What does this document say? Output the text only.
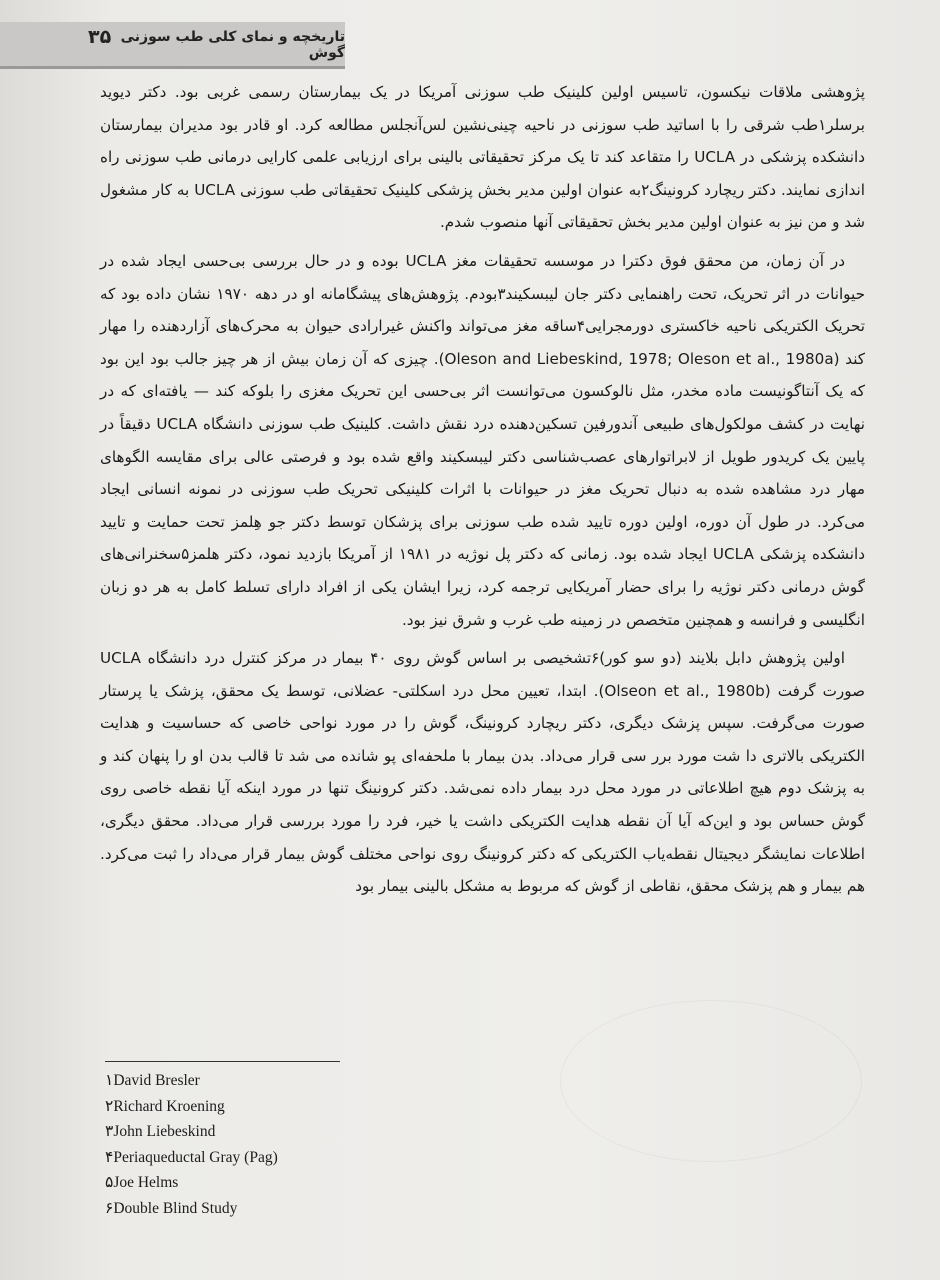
۳۵ تاریخچه و نمای کلی طب سوزنی گوش

پژوهشی ملاقات نیکسون، تاسیس اولین کلینیک طب سوزنی آمریکا در یک بیمارستان رسمی غربی بود. دکتر دیوید برسلر۱طب شرقی را با اساتید طب سوزنی در ناحیه چینی‌نشین لس‌آنجلس مطالعه کرد. او قادر بود مدیران بیمارستان دانشکده پزشکی در UCLA را متقاعد کند تا یک مرکز تحقیقاتی بالینی برای ارزیابی علمی کارایی درمانی طب سوزنی راه اندازی نمایند. دکتر ریچارد کرونینگ۲به عنوان اولین مدیر بخش پزشکی کلینیک تحقیقاتی طب سوزنی UCLA به کار مشغول شد و من نیز به عنوان اولین مدیر بخش تحقیقاتی آنها منصوب شدم.

در آن زمان، من محقق فوق دکترا در موسسه تحقیقات مغز UCLA بوده و در حال بررسی بی‌حسی ایجاد شده در حیوانات در اثر تحریک، تحت راهنمایی دکتر جان لیبسکیند۳بودم. پژوهش‌های پیشگامانه او در دهه ۱۹۷۰ نشان داده بود که تحریک الکتریکی ناحیه خاکستری دورمجرایی۴ساقه مغز می‌تواند واکنش غیرارادی حیوان به محرک‌های آزاردهنده را مهار کند (Oleson and Liebeskind, 1978; Oleson et al., 1980a). چیزی که آن زمان بیش از هر چیز جالب بود این بود که یک آنتاگونیست ماده مخدر، مثل نالوکسون می‌توانست اثر بی‌حسی این تحریک مغزی را بلوکه کند — یافته‌ای که در نهایت در کشف مولکول‌های طبیعی آندورفین تسکین‌دهنده درد نقش داشت. کلینیک طب سوزنی دانشگاه UCLA دقیقاً در پایین یک کریدور طویل از لابراتوارهای عصب‌شناسی دکتر لیبسکیند واقع شده بود و فرصتی عالی برای مقایسه الگوهای مهار درد مشاهده شده به دنبال تحریک مغز در حیوانات با اثرات کلینیکی تحریک طب سوزنی در نمونه انسانی ایجاد می‌کرد. در طول آن دوره، اولین دوره تایید شده طب سوزنی برای پزشکان توسط دکتر جو هِلمز تحت حمایت و تایید دانشکده پزشکی UCLA ایجاد شده بود. زمانی که دکتر پل نوژیه در ۱۹۸۱ از آمریکا بازدید نمود، دکتر هلمز۵سخنرانی‌های گوش درمانی دکتر نوژیه را برای حضار آمریکایی ترجمه کرد، زیرا ایشان یکی از افراد دارای تسلط کامل به هر دو زبان انگلیسی و فرانسه و همچنین متخصص در زمینه طب غرب و شرق نیز بود.

اولین پژوهش دابل بلایند (دو سو کور)۶تشخیصی بر اساس گوش روی ۴۰ بیمار در مرکز کنترل درد دانشگاه UCLA صورت گرفت (Olseon et al., 1980b). ابتدا، تعیین محل درد اسکلتی- عضلانی، توسط یک محقق، پزشک یا پرستار صورت می‌گرفت. سپس پزشک دیگری، دکتر ریچارد کرونینگ، گوش را در مورد نواحی خاصی که حساسیت و هدایت الکتریکی بالاتری دا شت مورد برر سی قرار می‌داد. بدن بیمار با ملحفه‌ای پو شانده می شد تا قالب بدن او را پنهان کند و به پزشک دوم هیچ اطلاعاتی در مورد محل درد بیمار داده نمی‌شد. دکتر کرونینگ تنها در مورد اینکه آیا نقطه خاصی روی گوش حساس بود و این‌که آیا آن نقطه هدایت الکتریکی داشت یا خیر، فرد را مورد بررسی قرار می‌داد. محقق دیگری، اطلاعات نمایشگر دیجیتال نقطه‌یاب الکتریکی که دکتر کرونینگ روی نواحی مختلف گوش بیمار قرار می‌داد را ثبت می‌کرد. هم بیمار و هم پزشک محقق، نقاطی از گوش که مربوط به مشکل بالینی بیمار بود

۱David Bresler
۲Richard Kroening
۳John Liebeskind
۴Periaqueductal Gray (Pag)
۵Joe Helms
۶Double Blind Study
